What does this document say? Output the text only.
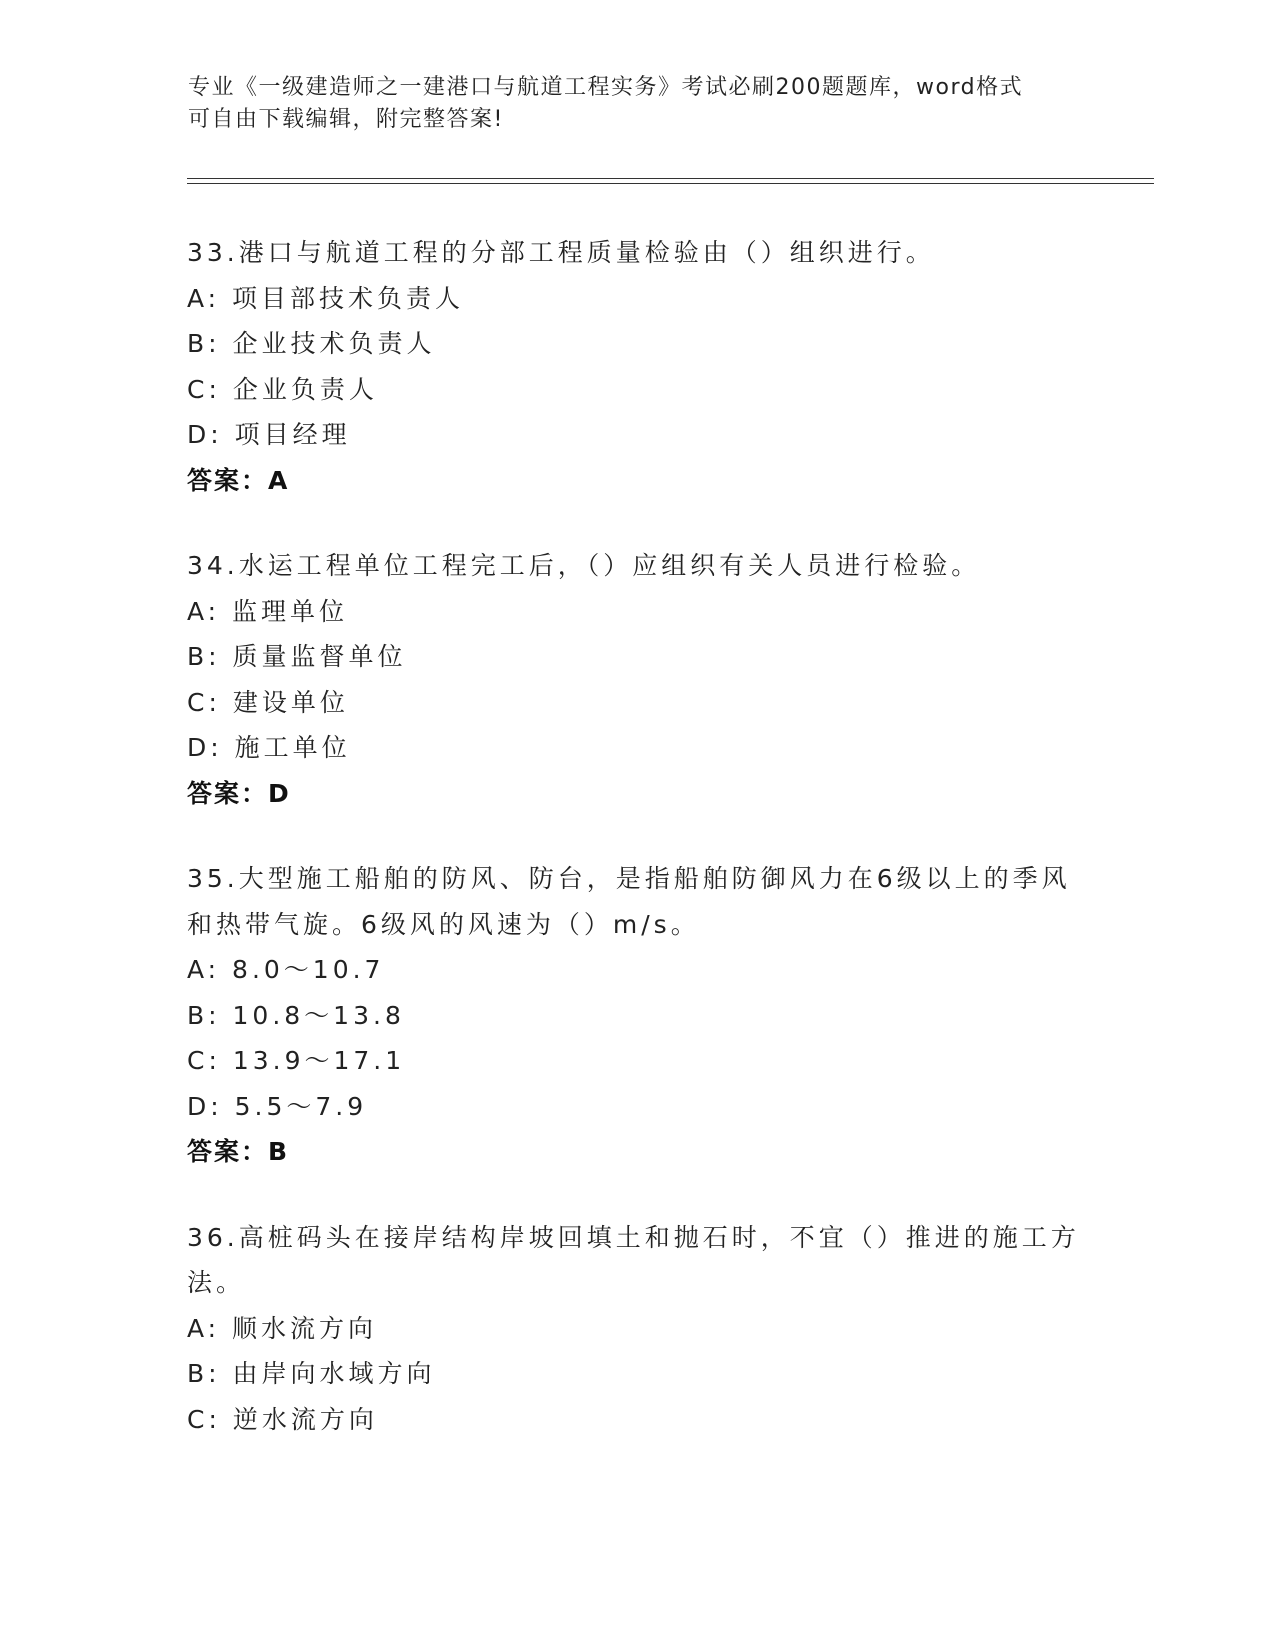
专业《一级建造师之一建港口与航道工程实务》考试必刷200题题库，word格式
可自由下载编辑，附完整答案!
33.港口与航道工程的分部工程质量检验由（）组织进行。
A: 项目部技术负责人
B: 企业技术负责人
C: 企业负责人
D: 项目经理
答案：A
34.水运工程单位工程完工后，（）应组织有关人员进行检验。
A: 监理单位
B: 质量监督单位
C: 建设单位
D: 施工单位
答案：D
35.大型施工船舶的防风、防台，是指船舶防御风力在6级以上的季风和热带气旋。6级风的风速为（）m/s。
A: 8.0～10.7
B: 10.8～13.8
C: 13.9～17.1
D: 5.5～7.9
答案：B
36.高桩码头在接岸结构岸坡回填土和抛石时，不宜（）推进的施工方法。
A: 顺水流方向
B: 由岸向水域方向
C: 逆水流方向
